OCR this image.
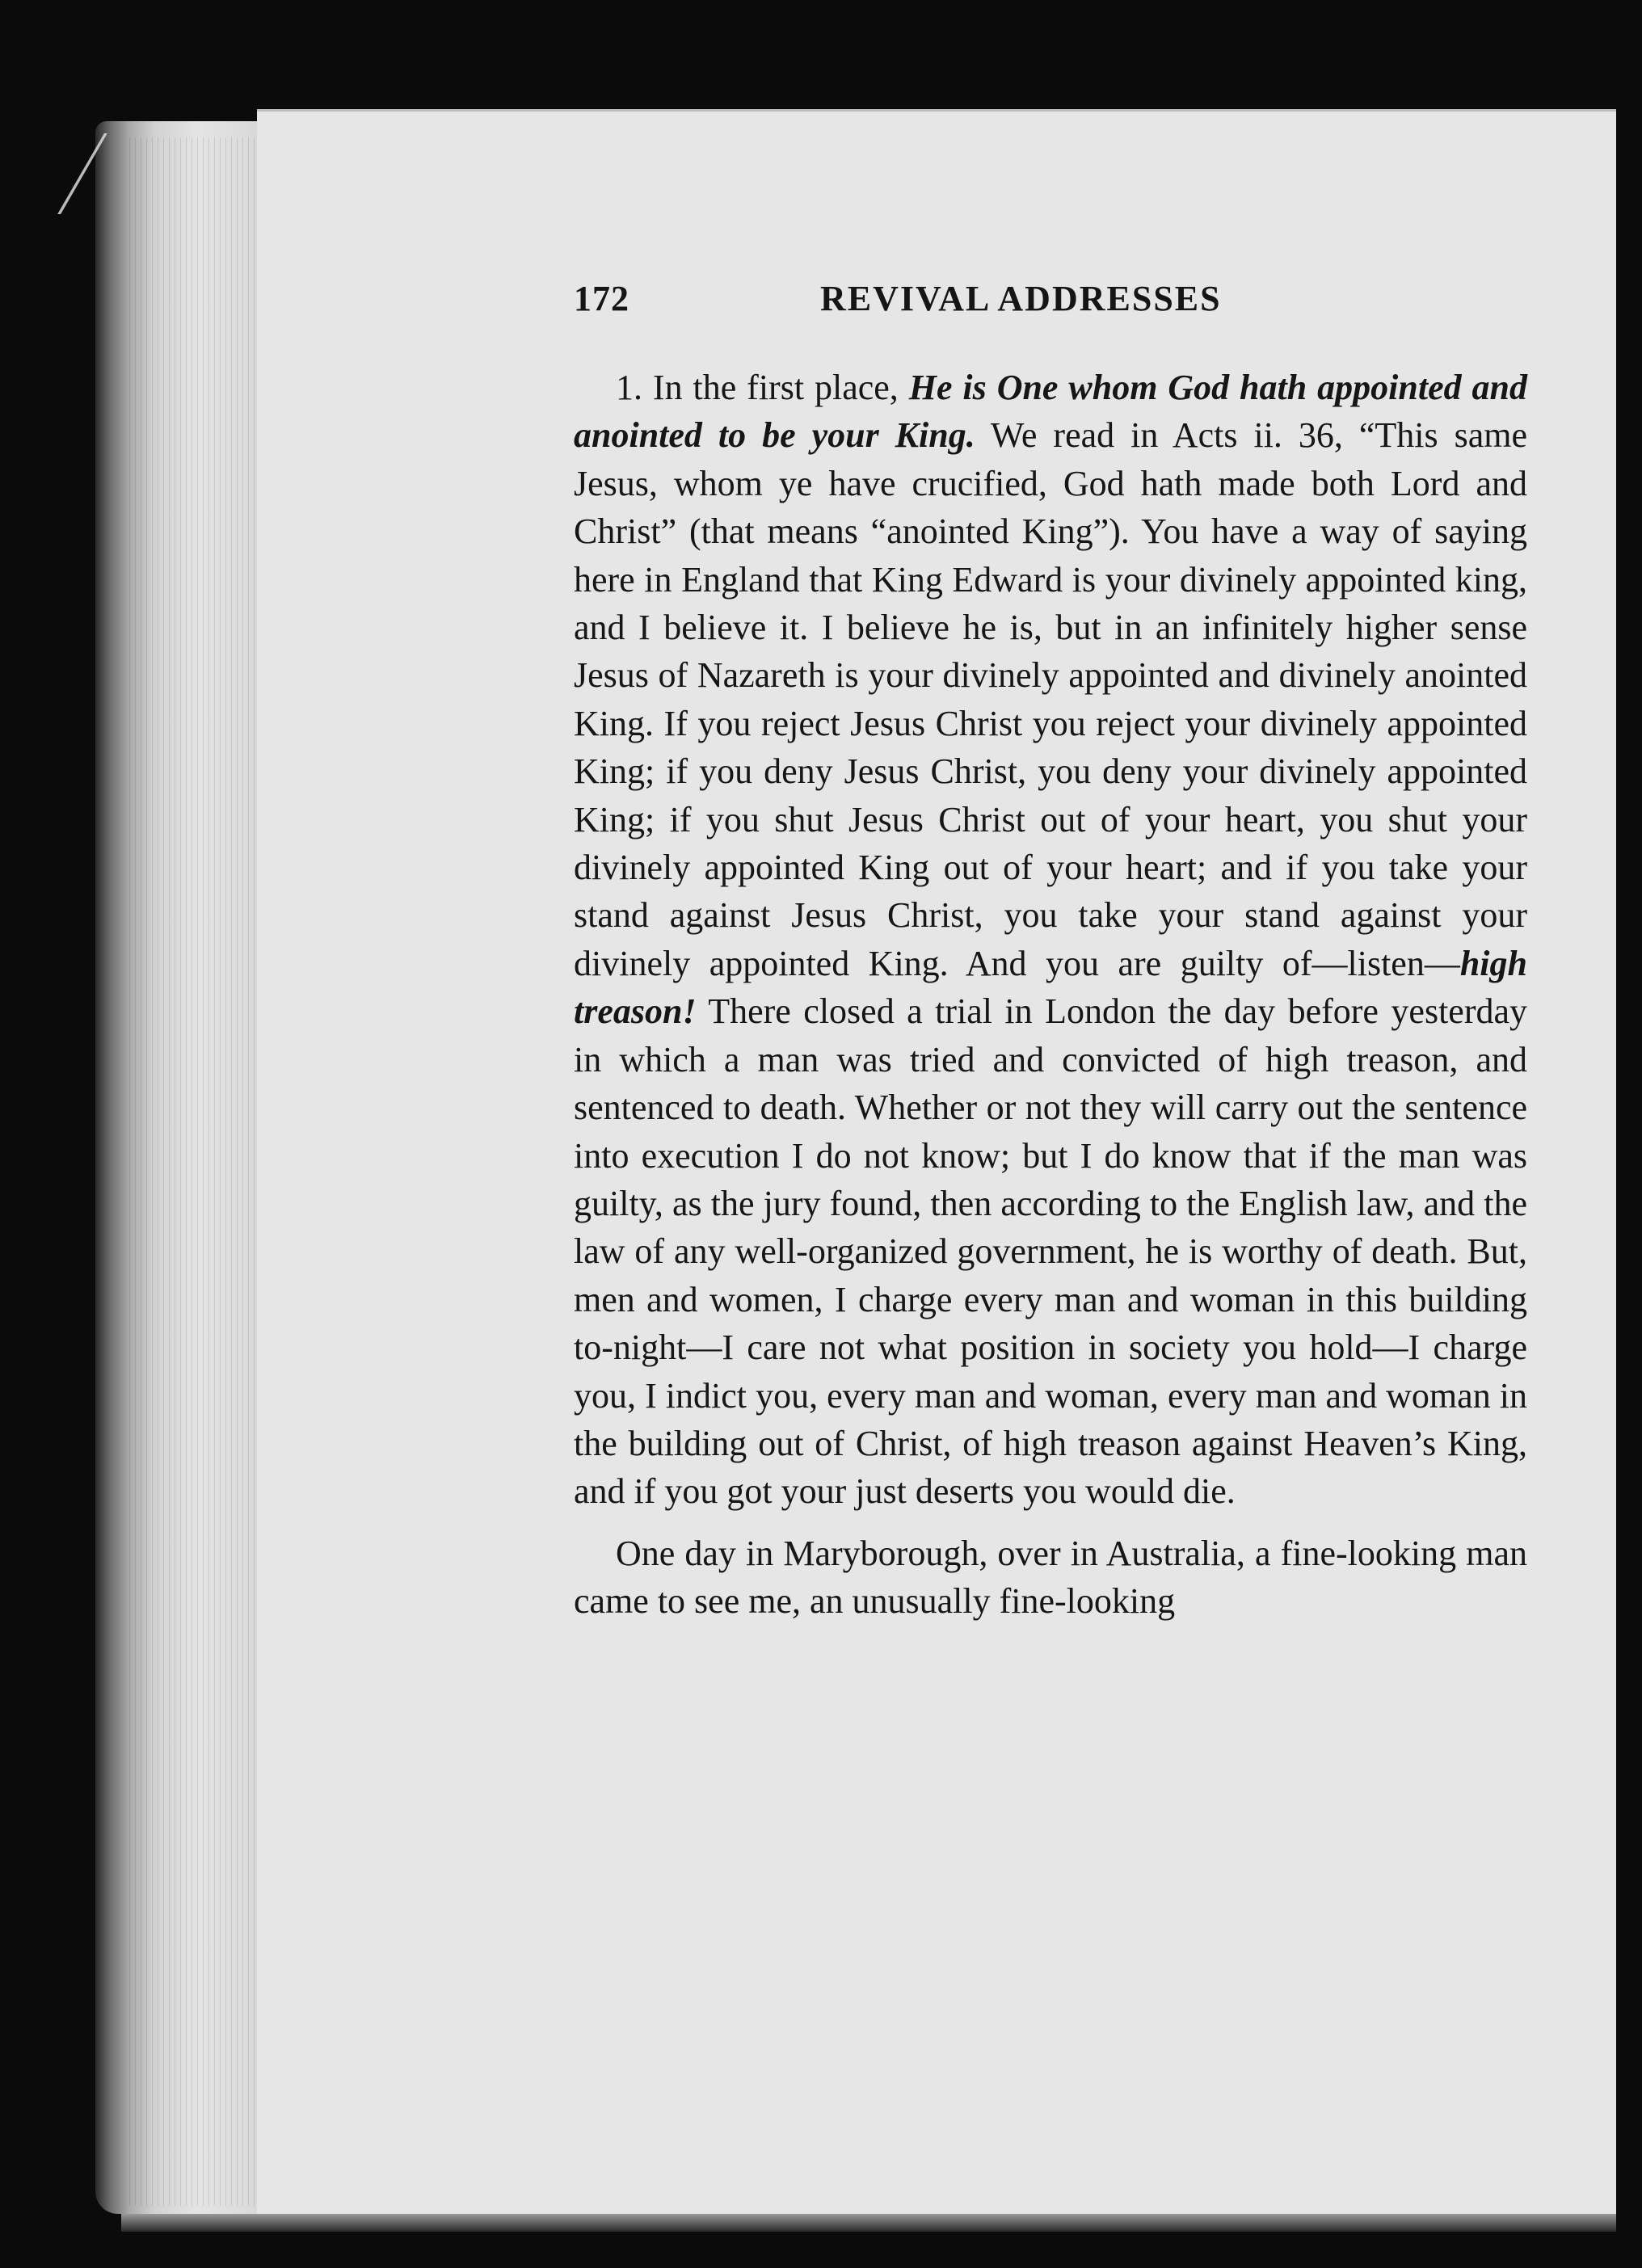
172	REVIVAL ADDRESSES

1. In the first place, He is One whom God hath appointed and anointed to be your King. We read in Acts ii. 36, “This same Jesus, whom ye have crucified, God hath made both Lord and Christ” (that means “anointed King”). You have a way of saying here in England that King Edward is your divinely appointed king, and I believe it. I believe he is, but in an infinitely higher sense Jesus of Nazareth is your divinely appointed and divinely anointed King. If you reject Jesus Christ you reject your divinely appointed King; if you deny Jesus Christ, you deny your divinely appointed King; if you shut Jesus Christ out of your heart, you shut your divinely appointed King out of your heart; and if you take your stand against Jesus Christ, you take your stand against your divinely appointed King. And you are guilty of—listen—high treason! There closed a trial in London the day before yesterday in which a man was tried and convicted of high treason, and sentenced to death. Whether or not they will carry out the sentence into execution I do not know; but I do know that if the man was guilty, as the jury found, then according to the English law, and the law of any well-organized government, he is worthy of death. But, men and women, I charge every man and woman in this building to-night—I care not what position in society you hold—I charge you, I indict you, every man and woman, every man and woman in the building out of Christ, of high treason against Heaven’s King, and if you got your just deserts you would die.

One day in Maryborough, over in Australia, a fine-looking man came to see me, an unusually fine-looking
